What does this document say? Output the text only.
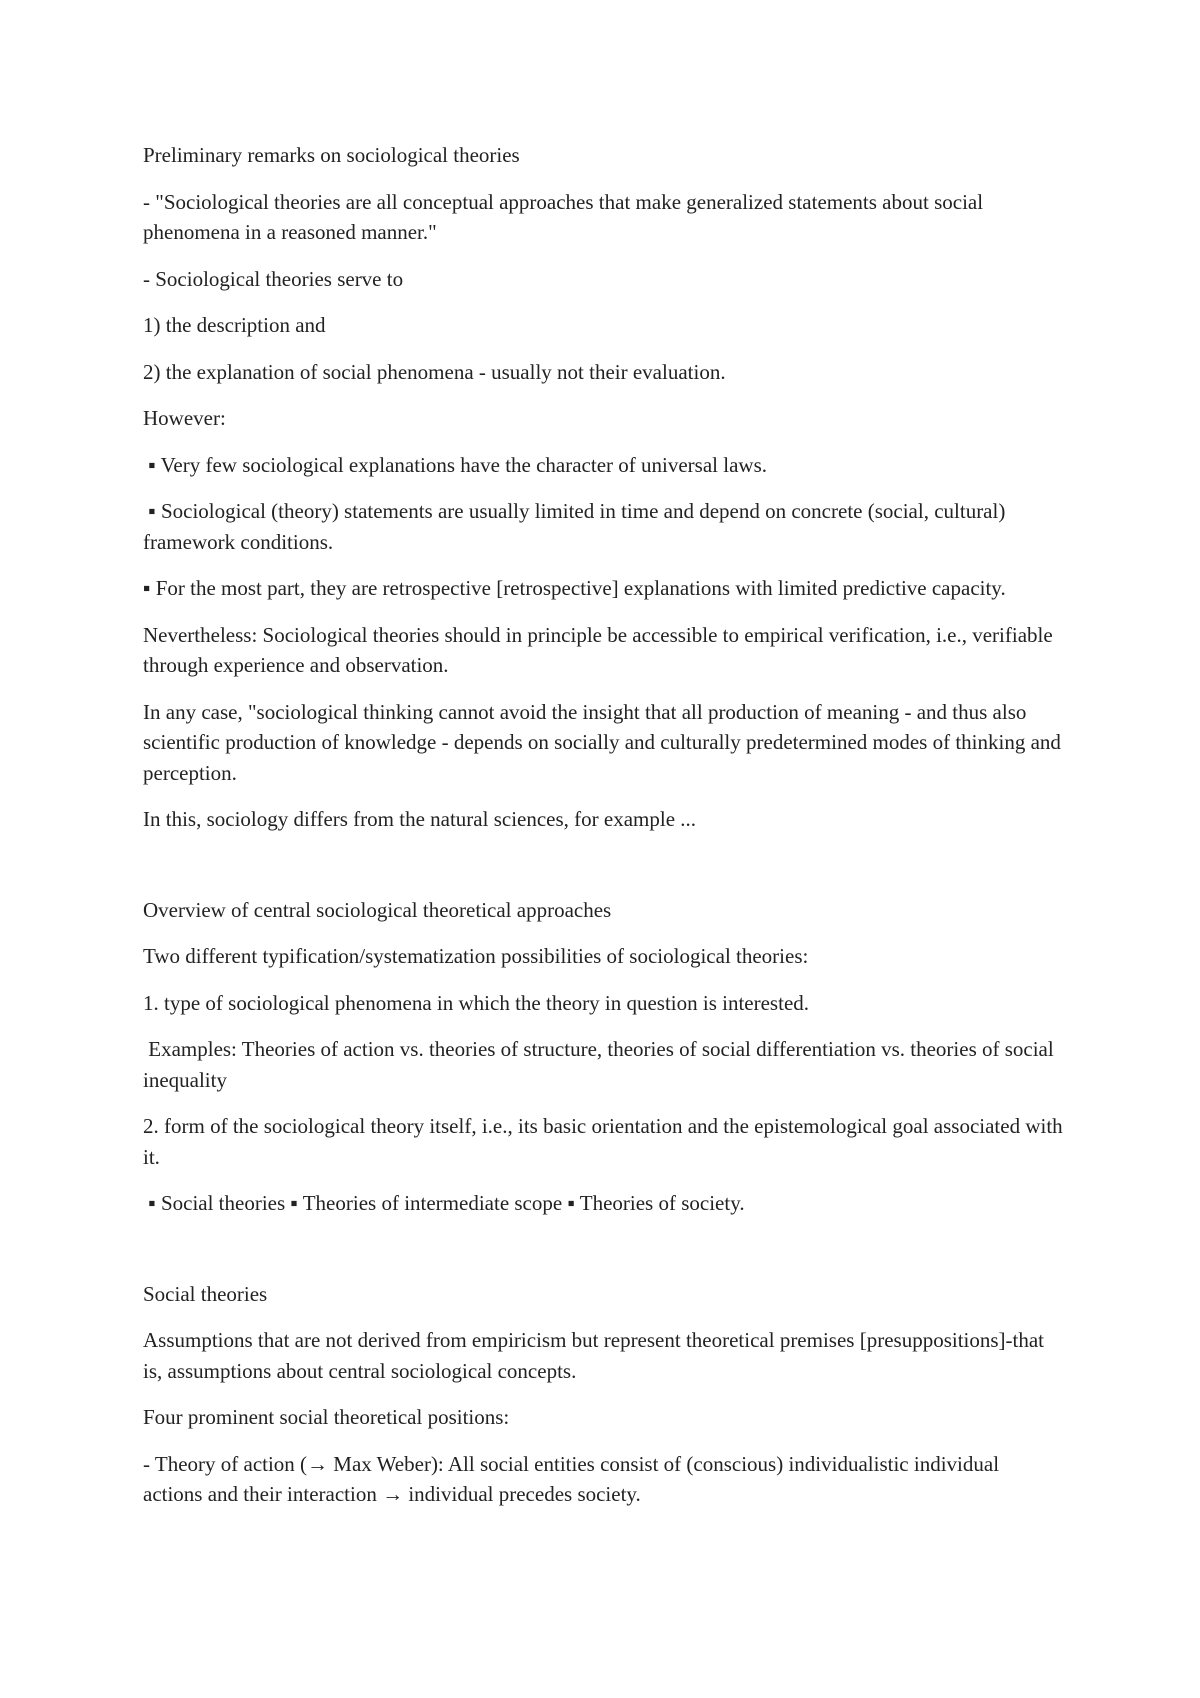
Preliminary remarks on sociological theories

- "Sociological theories are all conceptual approaches that make generalized statements about social phenomena in a reasoned manner."

- Sociological theories serve to

1) the description and

2) the explanation of social phenomena - usually not their evaluation.

However:

▪ Very few sociological explanations have the character of universal laws.

▪ Sociological (theory) statements are usually limited in time and depend on concrete (social, cultural) framework conditions.

▪ For the most part, they are retrospective [retrospective] explanations with limited predictive capacity.

Nevertheless: Sociological theories should in principle be accessible to empirical verification, i.e., verifiable through experience and observation.

In any case, "sociological thinking cannot avoid the insight that all production of meaning - and thus also scientific production of knowledge - depends on socially and culturally predetermined modes of thinking and perception.

In this, sociology differs from the natural sciences, for example ...

Overview of central sociological theoretical approaches

Two different typification/systematization possibilities of sociological theories:

1. type of sociological phenomena in which the theory in question is interested.

Examples: Theories of action vs. theories of structure, theories of social differentiation vs. theories of social inequality

2. form of the sociological theory itself, i.e., its basic orientation and the epistemological goal associated with it.

▪ Social theories ▪ Theories of intermediate scope ▪ Theories of society.

Social theories

Assumptions that are not derived from empiricism but represent theoretical premises [presuppositions]-that is, assumptions about central sociological concepts.

Four prominent social theoretical positions:

- Theory of action (→ Max Weber): All social entities consist of (conscious) individualistic individual actions and their interaction → individual precedes society.
